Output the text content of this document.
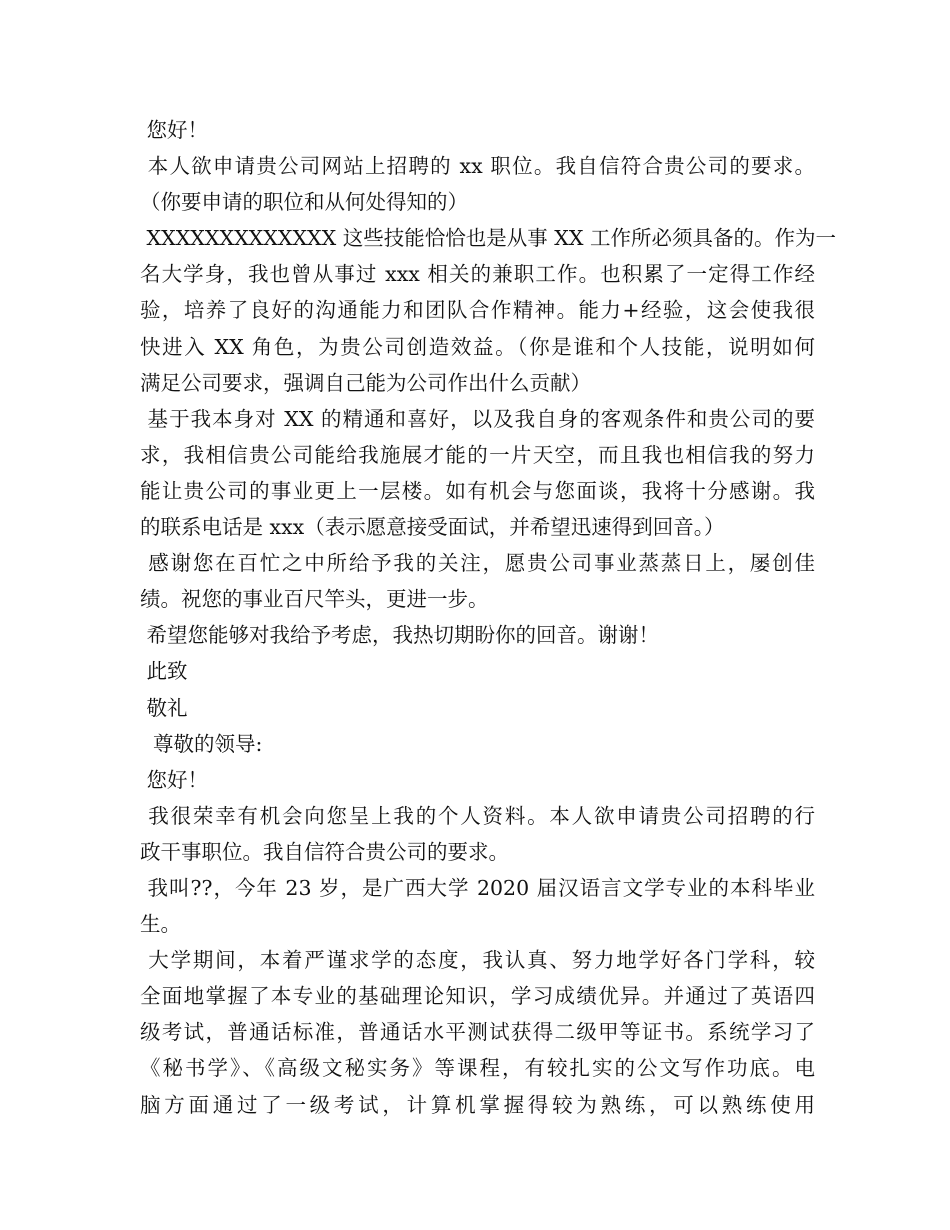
您好！
本人欲申请贵公司网站上招聘的 xx 职位。我自信符合贵公司的要求。
（你要申请的职位和从何处得知的）
XXXXXXXXXXXXX 这些技能恰恰也是从事 XX 工作所必须具备的。作为一
名大学身，我也曾从事过 xxx 相关的兼职工作。也积累了一定得工作经
验，培养了良好的沟通能力和团队合作精神。能力+经验，这会使我很
快进入 XX 角色，为贵公司创造效益。（你是谁和个人技能，说明如何
满足公司要求，强调自己能为公司作出什么贡献）
基于我本身对 XX 的精通和喜好，以及我自身的客观条件和贵公司的要
求，我相信贵公司能给我施展才能的一片天空，而且我也相信我的努力
能让贵公司的事业更上一层楼。如有机会与您面谈，我将十分感谢。我
的联系电话是 xxx（表示愿意接受面试，并希望迅速得到回音。）
感谢您在百忙之中所给予我的关注，愿贵公司事业蒸蒸日上，屡创佳
绩。祝您的事业百尺竿头，更进一步。
希望您能够对我给予考虑，我热切期盼你的回音。谢谢！
此致
敬礼
尊敬的领导:
您好！
我很荣幸有机会向您呈上我的个人资料。本人欲申请贵公司招聘的行
政干事职位。我自信符合贵公司的要求。
我叫??，今年 23 岁，是广西大学 2020 届汉语言文学专业的本科毕业
生。
大学期间，本着严谨求学的态度，我认真、努力地学好各门学科，较
全面地掌握了本专业的基础理论知识，学习成绩优异。并通过了英语四
级考试，普通话标准，普通话水平测试获得二级甲等证书。系统学习了
《秘书学》、《高级文秘实务》等课程，有较扎实的公文写作功底。电
脑方面通过了一级考试，计算机掌握得较为熟练，可以熟练使用
